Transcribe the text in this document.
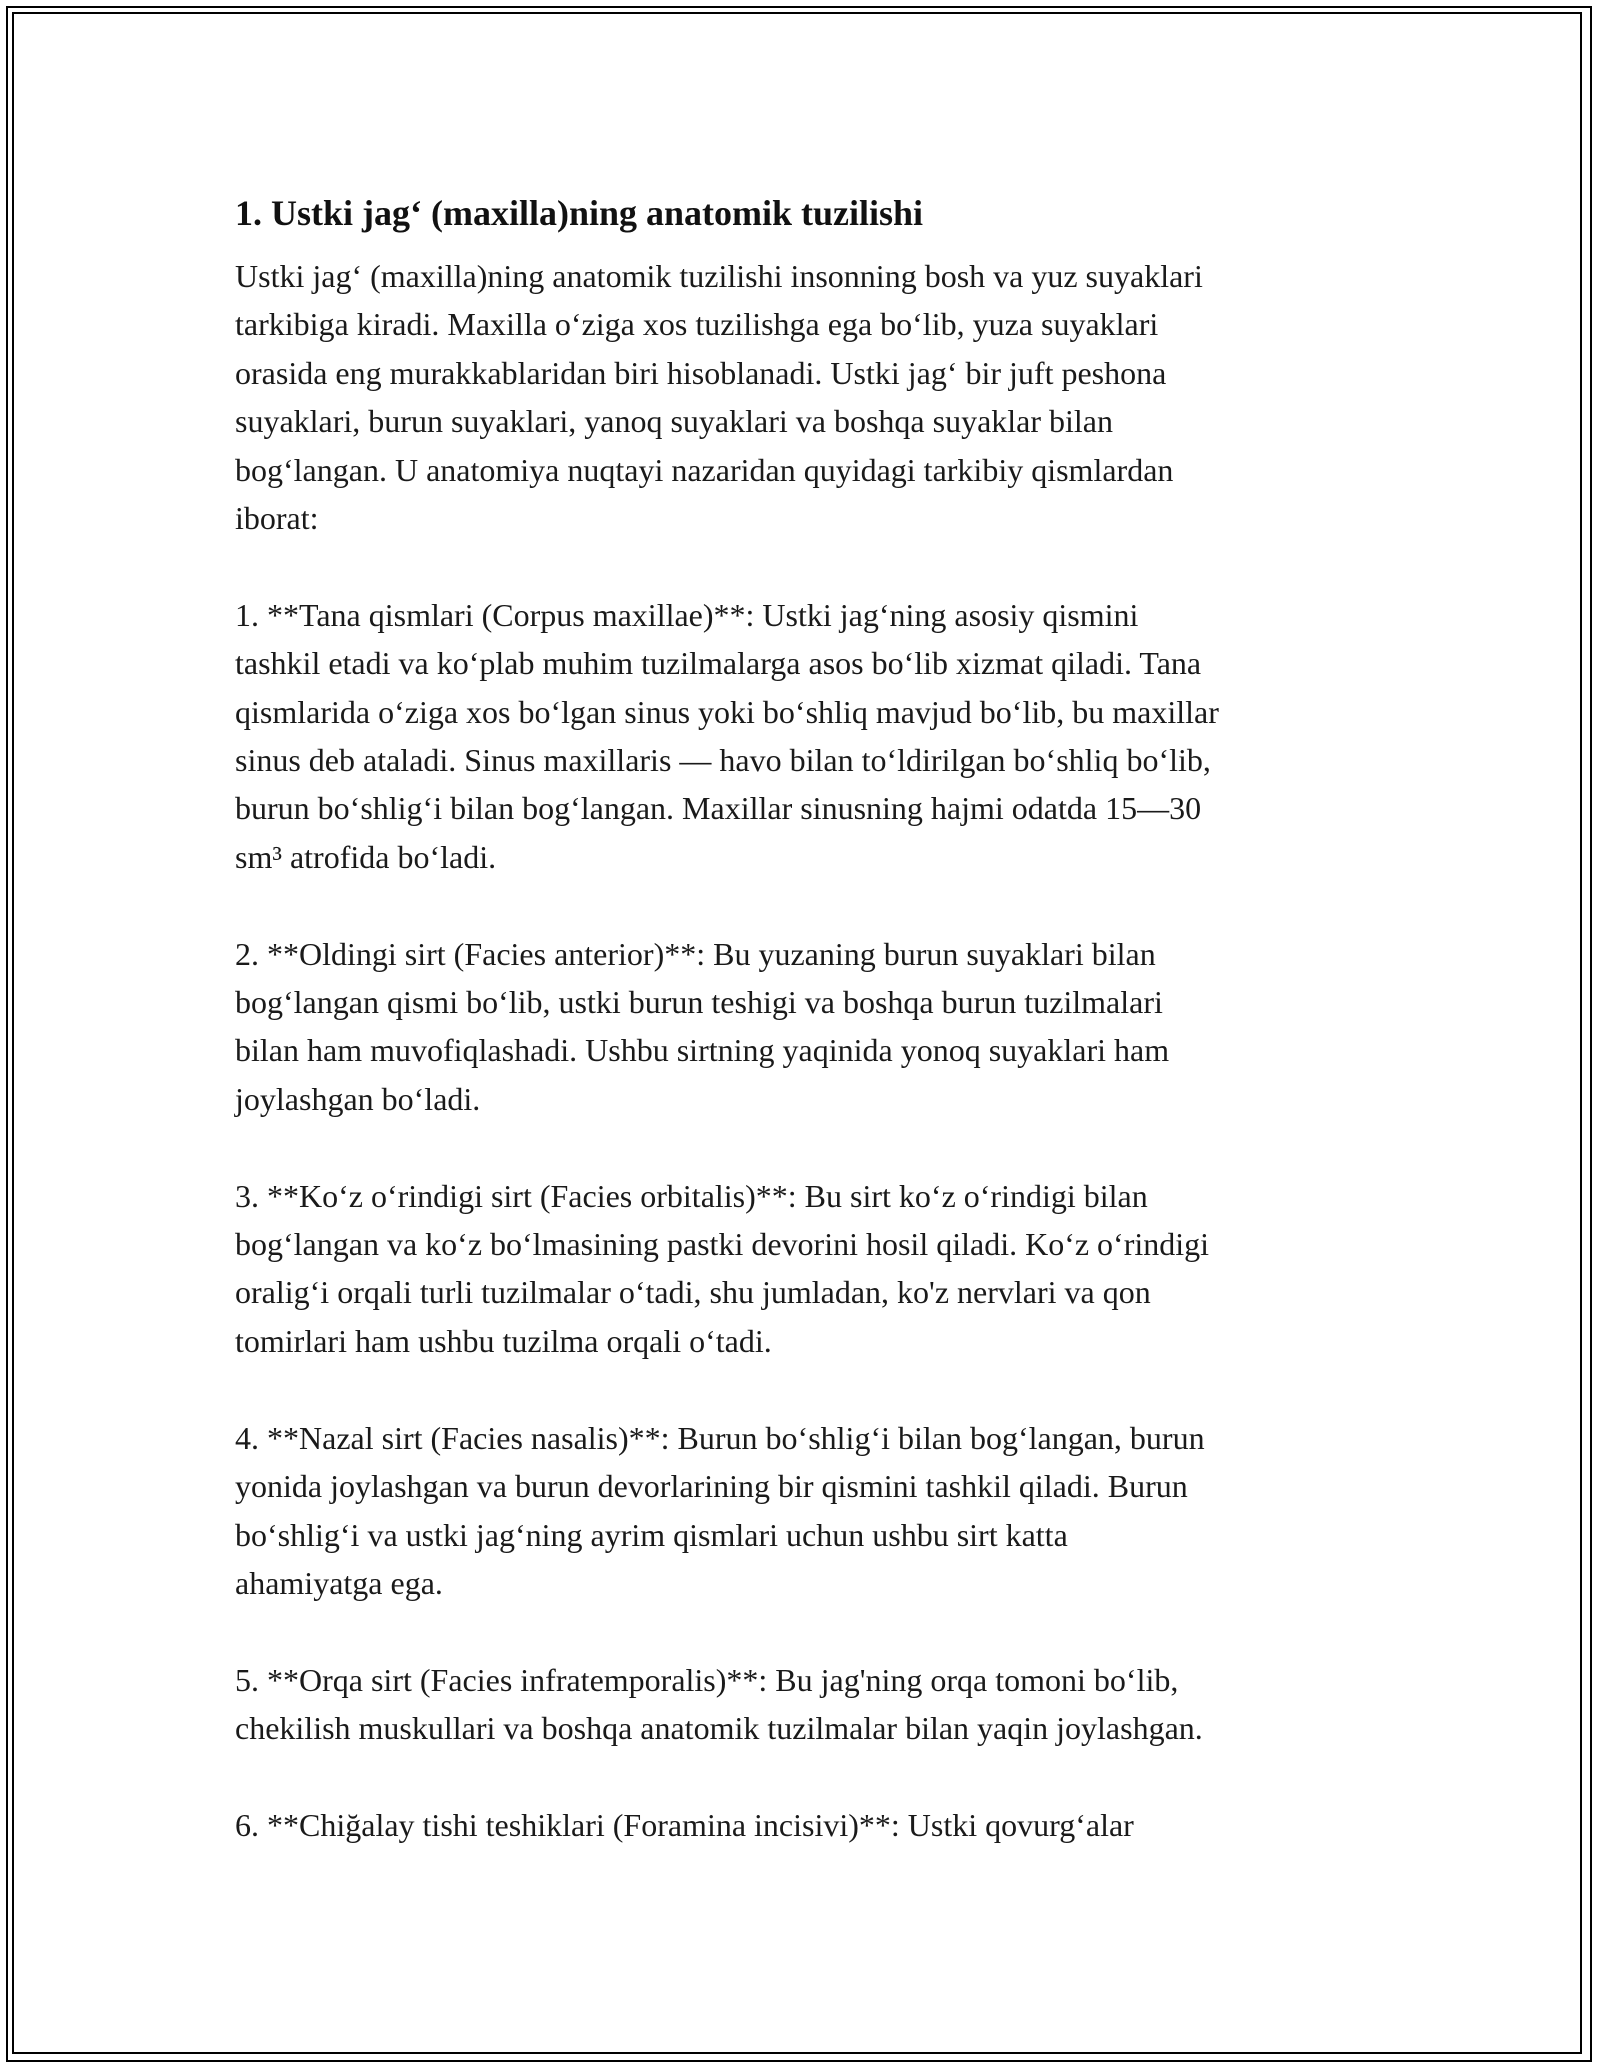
1. Ustki jag‘ (maxilla)ning anatomik tuzilishi

Ustki jag‘ (maxilla)ning anatomik tuzilishi insonning bosh va yuz suyaklari
tarkibiga kiradi. Maxilla o‘ziga xos tuzilishga ega bo‘lib, yuza suyaklari
orasida eng murakkablaridan biri hisoblanadi. Ustki jag‘ bir juft peshona
suyaklari, burun suyaklari, yanoq suyaklari va boshqa suyaklar bilan
bog‘langan. U anatomiya nuqtayi nazaridan quyidagi tarkibiy qismlardan
iborat:

1. **Tana qismlari (Corpus maxillae)**: Ustki jag‘ning asosiy qismini
tashkil etadi va ko‘plab muhim tuzilmalarga asos bo‘lib xizmat qiladi. Tana
qismlarida o‘ziga xos bo‘lgan sinus yoki bo‘shliq mavjud bo‘lib, bu maxillar
sinus deb ataladi. Sinus maxillaris — havo bilan to‘ldirilgan bo‘shliq bo‘lib,
burun bo‘shlig‘i bilan bog‘langan. Maxillar sinusning hajmi odatda 15—30
sm³ atrofida bo‘ladi.

2. **Oldingi sirt (Facies anterior)**: Bu yuzaning burun suyaklari bilan
bog‘langan qismi bo‘lib, ustki burun teshigi va boshqa burun tuzilmalari
bilan ham muvofiqlashadi. Ushbu sirtning yaqinida yonoq suyaklari ham
joylashgan bo‘ladi.

3. **Ko‘z o‘rindigi sirt (Facies orbitalis)**: Bu sirt ko‘z o‘rindigi bilan
bog‘langan va ko‘z bo‘lmasining pastki devorini hosil qiladi. Ko‘z o‘rindigi
oralig‘i orqali turli tuzilmalar o‘tadi, shu jumladan, ko'z nervlari va qon
tomirlari ham ushbu tuzilma orqali o‘tadi.

4. **Nazal sirt (Facies nasalis)**: Burun bo‘shlig‘i bilan bog‘langan, burun
yonida joylashgan va burun devorlarining bir qismini tashkil qiladi. Burun
bo‘shlig‘i va ustki jag‘ning ayrim qismlari uchun ushbu sirt katta
ahamiyatga ega.

5. **Orqa sirt (Facies infratemporalis)**: Bu jag'ning orqa tomoni bo‘lib,
chekilish muskullari va boshqa anatomik tuzilmalar bilan yaqin joylashgan.

6. **Chiğalay tishi teshiklari (Foramina incisivi)**: Ustki qovurg‘alar
